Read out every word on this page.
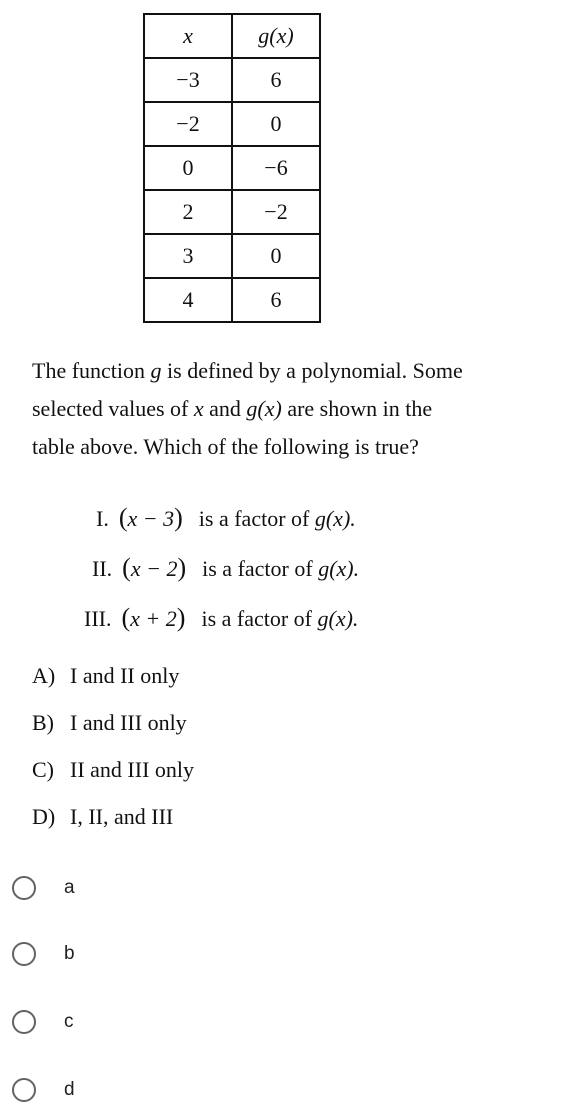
x	g(x)
−3	6
−2	0
0	−6
2	−2
3	0
4	6
The function g is defined by a polynomial. Some
selected values of x and g(x) are shown in the
table above. Which of the following is true?
I. (x − 3) is a factor of g(x).
II. (x − 2) is a factor of g(x).
III. (x + 2) is a factor of g(x).
A) I and II only
B) I and III only
C) II and III only
D) I, II, and III
a
b
c
d
